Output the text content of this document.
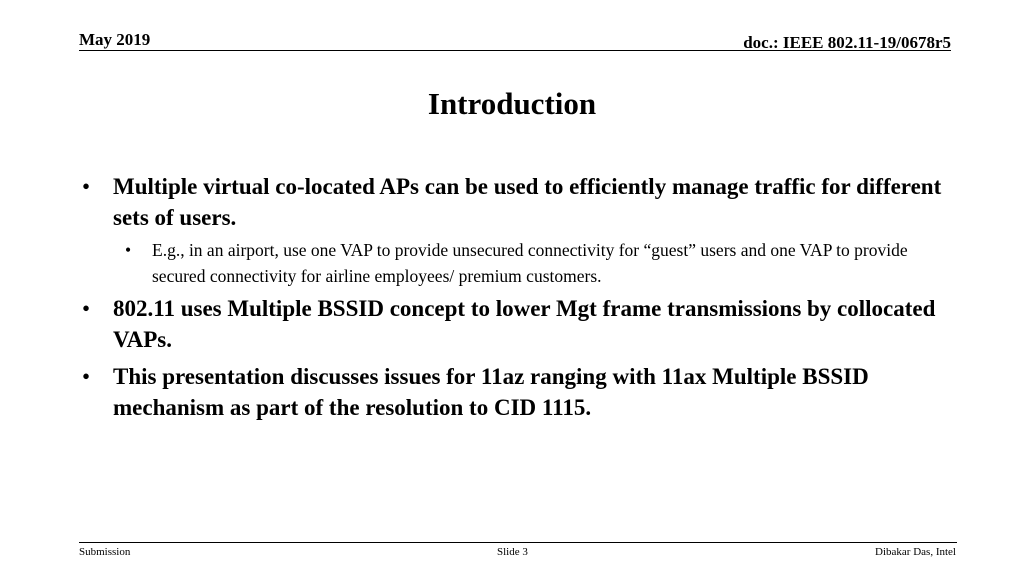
May 2019	doc.: IEEE 802.11-19/0678r5
Introduction
• Multiple virtual co-located APs can be used to efficiently manage traffic for different sets of users.
• E.g., in an airport, use one VAP to provide unsecured connectivity for “guest” users and one VAP to provide secured connectivity for airline employees/ premium customers.
• 802.11 uses Multiple BSSID concept to lower Mgt frame transmissions by collocated VAPs.
• This presentation discusses issues for 11az ranging with 11ax Multiple BSSID mechanism as part of the resolution to CID 1115.
Submission	Slide 3	Dibakar Das, Intel
